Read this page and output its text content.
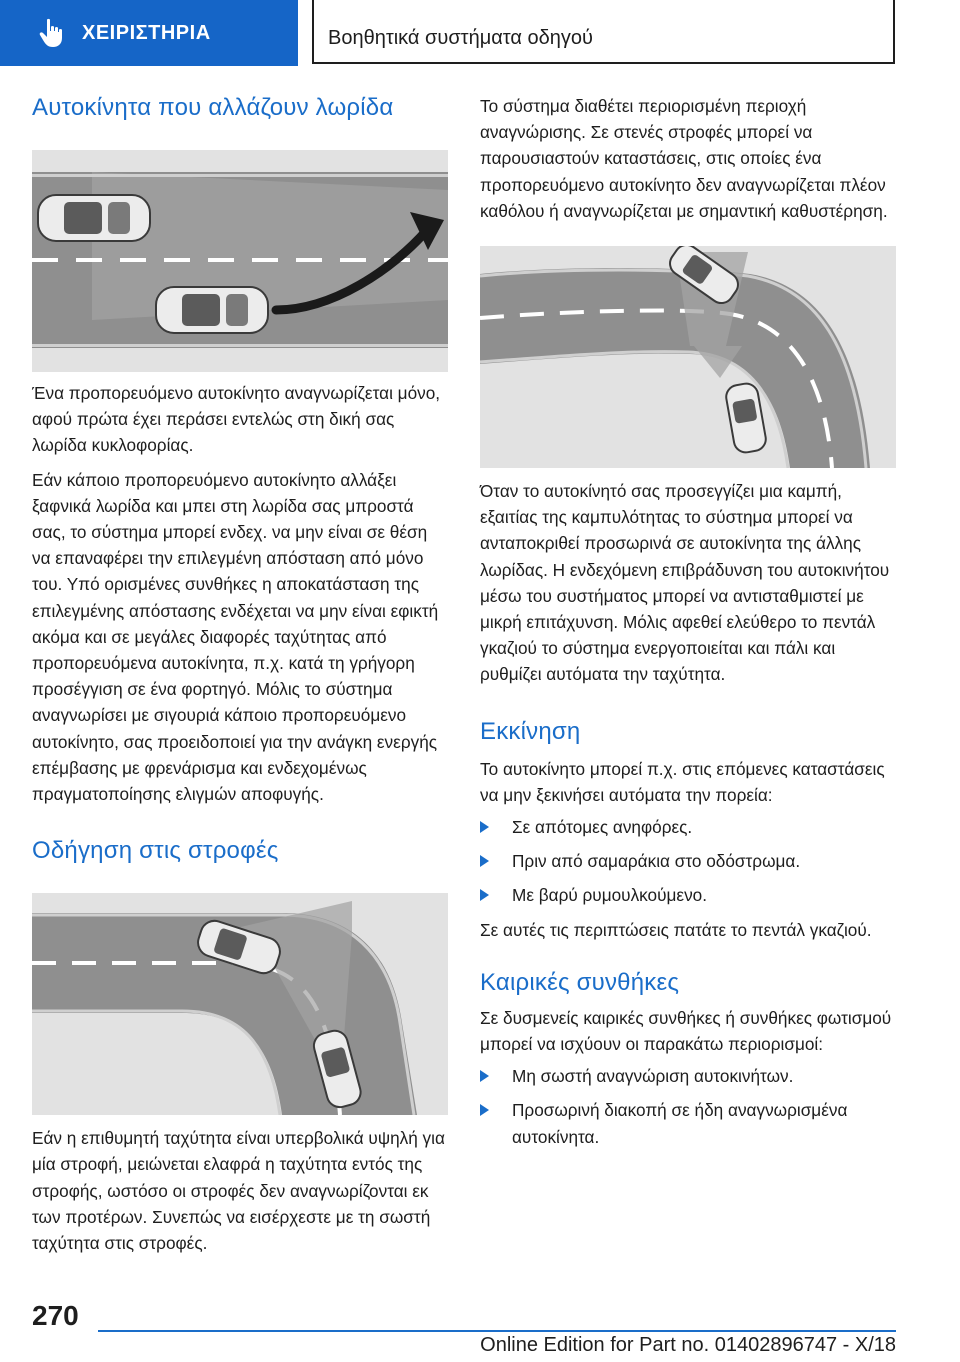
ΧΕΙΡΙΣΤΗΡΙΑ	Βοηθητικά συστήματα οδηγού
Αυτοκίνητα που αλλάζουν λωρίδα

Ένα προπορευόμενο αυτοκίνητο αναγνωρίζεται μόνο, αφού πρώτα έχει περάσει εντελώς στη δική σας λωρίδα κυκλοφορίας.

Εάν κάποιο προπορευόμενο αυτοκίνητο αλλάξει ξαφνικά λωρίδα και μπει στη λωρίδα σας μπροστά σας, το σύστημα μπορεί ενδεχ. να μην είναι σε θέση να επαναφέρει την επιλεγμένη απόσταση από μόνο του. Υπό ορισμένες συνθήκες η αποκατάσταση της επιλεγμένης απόστασης ενδέχεται να μην είναι εφικτή ακόμα και σε μεγάλες διαφορές ταχύτητας από προπορευόμενα αυτοκίνητα, π.χ. κατά τη γρήγορη προσέγγιση σε ένα φορτηγό. Μόλις το σύστημα αναγνωρίσει με σιγουριά κάποιο προπορευόμενο αυτοκίνητο, σας προειδοποιεί για την ανάγκη ενεργής επέμβασης με φρενάρισμα και ενδεχομένως πραγματοποίησης ελιγμών αποφυγής.

Οδήγηση στις στροφές

Εάν η επιθυμητή ταχύτητα είναι υπερβολικά υψηλή για μία στροφή, μειώνεται ελαφρά η ταχύτητα εντός της στροφής, ωστόσο οι στροφές δεν αναγνωρίζονται εκ των προτέρων. Συνεπώς να εισέρχεστε με τη σωστή ταχύτητα στις στροφές.

Το σύστημα διαθέτει περιορισμένη περιοχή αναγνώρισης. Σε στενές στροφές μπορεί να παρουσιαστούν καταστάσεις, στις οποίες ένα προπορευόμενο αυτοκίνητο δεν αναγνωρίζεται πλέον καθόλου ή αναγνωρίζεται με σημαντική καθυστέρηση.

Όταν το αυτοκίνητό σας προσεγγίζει μια καμπή, εξαιτίας της καμπυλότητας το σύστημα μπορεί να ανταποκριθεί προσωρινά σε αυτοκίνητα της άλλης λωρίδας. Η ενδεχόμενη επιβράδυνση του αυτοκινήτου μέσω του συστήματος μπορεί να αντισταθμιστεί με μικρή επιτάχυνση. Μόλις αφεθεί ελεύθερο το πεντάλ γκαζιού το σύστημα ενεργοποιείται και πάλι και ρυθμίζει αυτόματα την ταχύτητα.

Εκκίνηση

Το αυτοκίνητο μπορεί π.χ. στις επόμενες καταστάσεις να μην ξεκινήσει αυτόματα την πορεία:

Σε απότομες ανηφόρες.
Πριν από σαμαράκια στο οδόστρωμα.
Με βαρύ ρυμουλκούμενο.

Σε αυτές τις περιπτώσεις πατάτε το πεντάλ γκαζιού.

Καιρικές συνθήκες

Σε δυσμενείς καιρικές συνθήκες ή συνθήκες φωτισμού μπορεί να ισχύουν οι παρακάτω περιορισμοί:

Μη σωστή αναγνώριση αυτοκινήτων.
Προσωρινή διακοπή σε ήδη αναγνωρισμένα αυτοκίνητα.
270
Online Edition for Part no. 01402896747 - X/18
